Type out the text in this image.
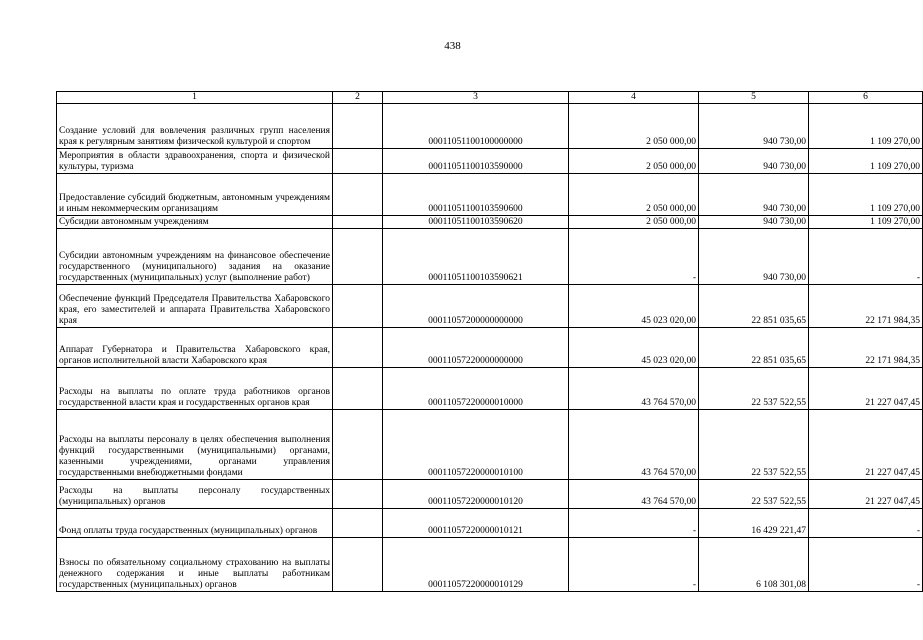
438
1	2	3	4	5	6
Создание условий для вовлечения различных групп населения края к регулярным занятиям физической культурой и спортом		00011051100100000000	2 050 000,00	940 730,00	1 109 270,00
Мероприятия в области здравоохранения, спорта и физической культуры, туризма		00011051100103590000	2 050 000,00	940 730,00	1 109 270,00
Предоставление субсидий бюджетным, автономным учреждениям и иным некоммерческим организациям		00011051100103590600	2 050 000,00	940 730,00	1 109 270,00
Субсидии автономным учреждениям		00011051100103590620	2 050 000,00	940 730,00	1 109 270,00
Субсидии автономным учреждениям на финансовое обеспечение государственного (муниципального) задания на оказание государственных (муниципальных) услуг (выполнение работ)		00011051100103590621	-	940 730,00	-
Обеспечение функций Председателя Правительства Хабаровского края, его заместителей и аппарата Правительства Хабаровского края		00011057200000000000	45 023 020,00	22 851 035,65	22 171 984,35
Аппарат Губернатора и Правительства Хабаровского края, органов исполнительной власти Хабаровского края		00011057220000000000	45 023 020,00	22 851 035,65	22 171 984,35
Расходы на выплаты по оплате труда работников органов государственной власти края и государственных органов края		00011057220000010000	43 764 570,00	22 537 522,55	21 227 047,45
Расходы на выплаты персоналу в целях обеспечения выполнения функций государственными (муниципальными) органами, казенными учреждениями, органами управления государственными внебюджетными фондами		00011057220000010100	43 764 570,00	22 537 522,55	21 227 047,45
Расходы на выплаты персоналу государственных (муниципальных) органов		00011057220000010120	43 764 570,00	22 537 522,55	21 227 047,45
Фонд оплаты труда государственных (муниципальных) органов		00011057220000010121	-	16 429 221,47	-
Взносы по обязательному социальному страхованию на выплаты денежного содержания и иные выплаты работникам государственных (муниципальных) органов		00011057220000010129	-	6 108 301,08	-
